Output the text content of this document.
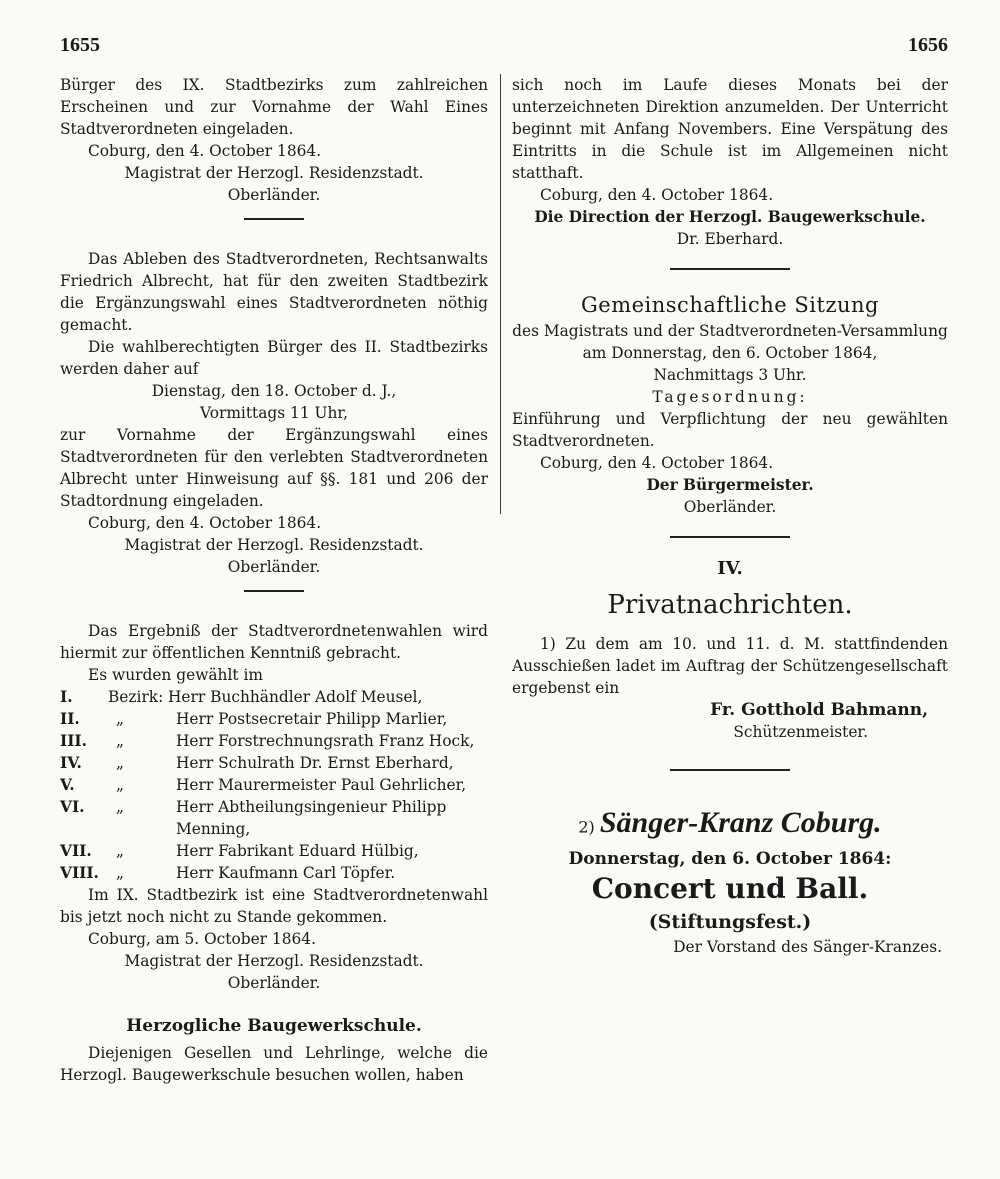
1655	1656

Bürger des IX. Stadtbezirks zum zahlreichen Erscheinen und zur Vornahme der Wahl Eines Stadtverordneten eingeladen.

Coburg, den 4. October 1864.

Magistrat der Herzogl. Residenzstadt.

Oberländer.

Das Ableben des Stadtverordneten, Rechtsanwalts Friedrich Albrecht, hat für den zweiten Stadtbezirk die Ergänzungswahl eines Stadtverordneten nöthig gemacht.

Die wahlberechtigten Bürger des II. Stadtbezirks werden daher auf

Dienstag, den 18. October d. J.,

Vormittags 11 Uhr,

zur Vornahme der Ergänzungswahl eines Stadtverordneten für den verlebten Stadtverordneten Albrecht unter Hinweisung auf §§. 181 und 206 der Stadtordnung eingeladen.

Coburg, den 4. October 1864.

Magistrat der Herzogl. Residenzstadt.

Oberländer.

Das Ergebniß der Stadtverordnetenwahlen wird hiermit zur öffentlichen Kenntniß gebracht.

Es wurden gewählt im

I.	Bezirk: Herr Buchhändler Adolf Meusel,
II.	„	Herr Postsecretair Philipp Marlier,
III.	„	Herr Forstrechnungsrath Franz Hock,
IV.	„	Herr Schulrath Dr. Ernst Eberhard,
V.	„	Herr Maurermeister Paul Gehrlicher,
VI.	„	Herr Abtheilungsingenieur Philipp Menning,
VII.	„	Herr Fabrikant Eduard Hülbig,
VIII.	„	Herr Kaufmann Carl Töpfer.

Im IX. Stadtbezirk ist eine Stadtverordnetenwahl bis jetzt noch nicht zu Stande gekommen.

Coburg, am 5. October 1864.

Magistrat der Herzogl. Residenzstadt.

Oberländer.

Herzogliche Baugewerkschule.

Diejenigen Gesellen und Lehrlinge, welche die Herzogl. Baugewerkschule besuchen wollen, haben

sich noch im Laufe dieses Monats bei der unterzeichneten Direktion anzumelden. Der Unterricht beginnt mit Anfang Novembers. Eine Verspätung des Eintritts in die Schule ist im Allgemeinen nicht statthaft.

Coburg, den 4. October 1864.

Die Direction der Herzogl. Baugewerkschule.

Dr. Eberhard.

Gemeinschaftliche Sitzung

des Magistrats und der Stadtverordneten-Versammlung

am Donnerstag, den 6. October 1864,

Nachmittags 3 Uhr.

Tagesordnung:

Einführung und Verpflichtung der neu gewählten Stadtverordneten.

Coburg, den 4. October 1864.

Der Bürgermeister.

Oberländer.

IV.

Privatnachrichten.

1) Zu dem am 10. und 11. d. M. stattfindenden Ausschießen ladet im Auftrag der Schützengesellschaft ergebenst ein

Fr. Gotthold Bahmann,

Schützenmeister.

2) Sänger-Kranz Coburg.

Donnerstag, den 6. October 1864:

Concert und Ball.

(Stiftungsfest.)

Der Vorstand des Sänger-Kranzes.
